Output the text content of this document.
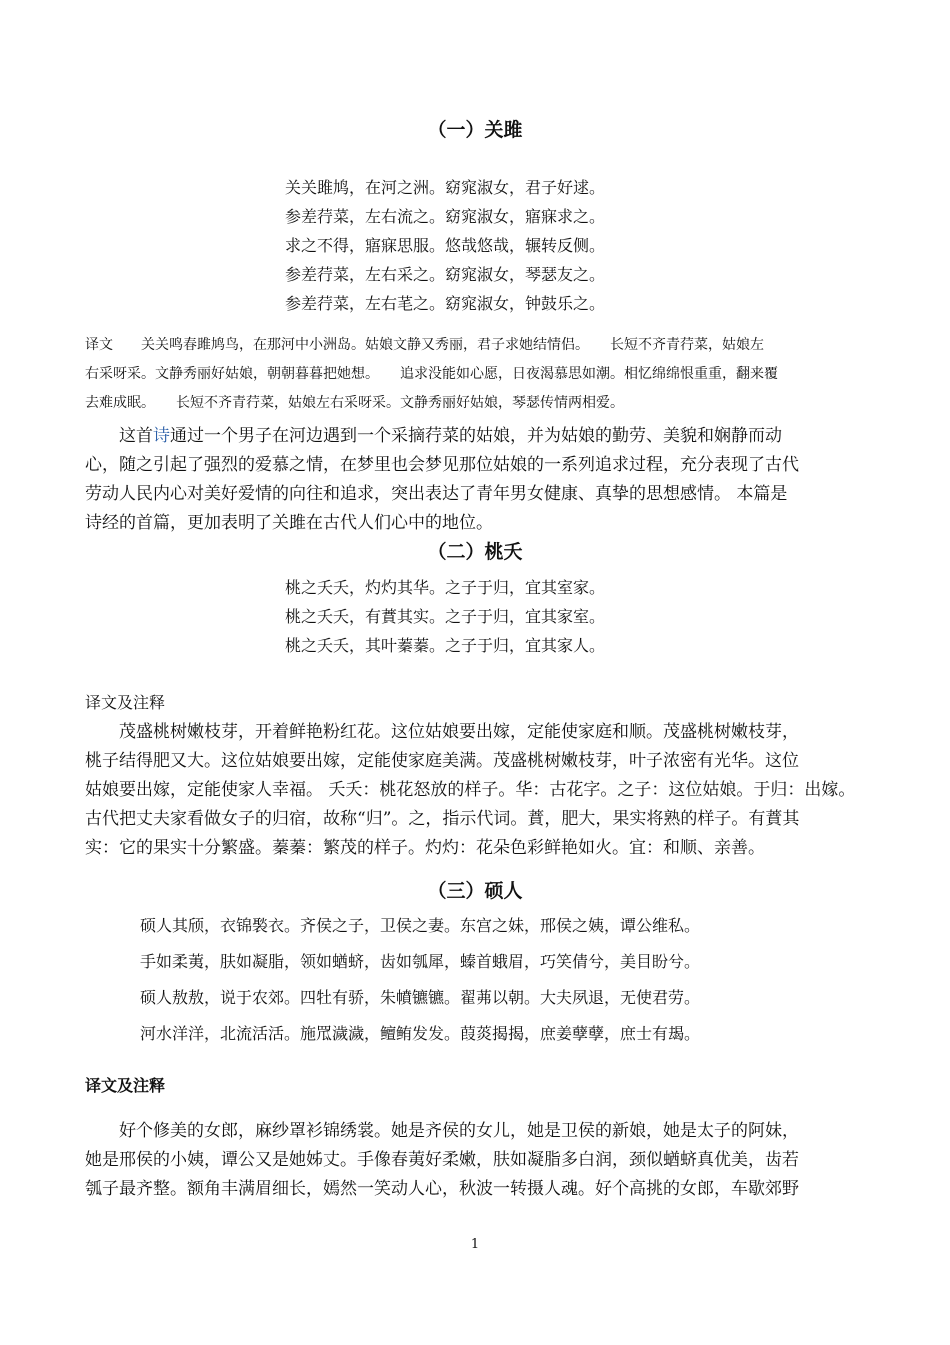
（一）关雎
关关雎鸠，在河之洲。窈窕淑女，君子好逑。
参差荇菜，左右流之。窈窕淑女，寤寐求之。
求之不得，寤寐思服。悠哉悠哉，辗转反侧。
参差荇菜，左右采之。窈窕淑女，琴瑟友之。
参差荇菜，左右芼之。窈窕淑女，钟鼓乐之。
译文　　关关鸣春雎鸠鸟，在那河中小洲岛。姑娘文静又秀丽，君子求她结情侣。　　长短不齐青荇菜，姑娘左
右采呀采。文静秀丽好姑娘，朝朝暮暮把她想。　　追求没能如心愿，日夜渴慕思如潮。相忆绵绵恨重重，翻来覆
去难成眠。　　长短不齐青荇菜，姑娘左右采呀采。文静秀丽好姑娘，琴瑟传情两相爱。
　　这首诗通过一个男子在河边遇到一个采摘荇菜的姑娘，并为姑娘的勤劳、美貌和娴静而动
心，随之引起了强烈的爱慕之情，在梦里也会梦见那位姑娘的一系列追求过程，充分表现了古代
劳动人民内心对美好爱情的向往和追求，突出表达了青年男女健康、真挚的思想感情。 本篇是
诗经的首篇，更加表明了关雎在古代人们心中的地位。
（二）桃夭
桃之夭夭，灼灼其华。之子于归，宜其室家。
桃之夭夭，有蕡其实。之子于归，宜其家室。
桃之夭夭，其叶蓁蓁。之子于归，宜其家人。
译文及注释
　　茂盛桃树嫩枝芽，开着鲜艳粉红花。这位姑娘要出嫁，定能使家庭和顺。茂盛桃树嫩枝芽，
桃子结得肥又大。这位姑娘要出嫁，定能使家庭美满。茂盛桃树嫩枝芽，叶子浓密有光华。这位
姑娘要出嫁，定能使家人幸福。 夭夭：桃花怒放的样子。华：古花字。之子：这位姑娘。于归：出嫁。
古代把丈夫家看做女子的归宿，故称“归”。之，指示代词。蕡，肥大，果实将熟的样子。有蕡其
实：它的果实十分繁盛。蓁蓁：繁茂的样子。灼灼：花朵色彩鲜艳如火。宜：和顺、亲善。
（三）硕人
硕人其颀，衣锦褧衣。齐侯之子，卫侯之妻。东宫之妹，邢侯之姨，谭公维私。
手如柔荑，肤如凝脂，领如蝤蛴，齿如瓠犀，螓首蛾眉，巧笑倩兮，美目盼兮。
硕人敖敖，说于农郊。四牡有骄，朱幩镳镳。翟茀以朝。大夫夙退，无使君劳。
河水洋洋，北流活活。施罛濊濊，鳣鲔发发。葭菼揭揭，庶姜孽孽，庶士有朅。
译文及注释
　　好个修美的女郎，麻纱罩衫锦绣裳。她是齐侯的女儿，她是卫侯的新娘，她是太子的阿妹，
她是邢侯的小姨，谭公又是她姊丈。手像春荑好柔嫩，肤如凝脂多白润，颈似蝤蛴真优美，齿若
瓠子最齐整。额角丰满眉细长，嫣然一笑动人心，秋波一转摄人魂。好个高挑的女郎，车歇郊野
1
